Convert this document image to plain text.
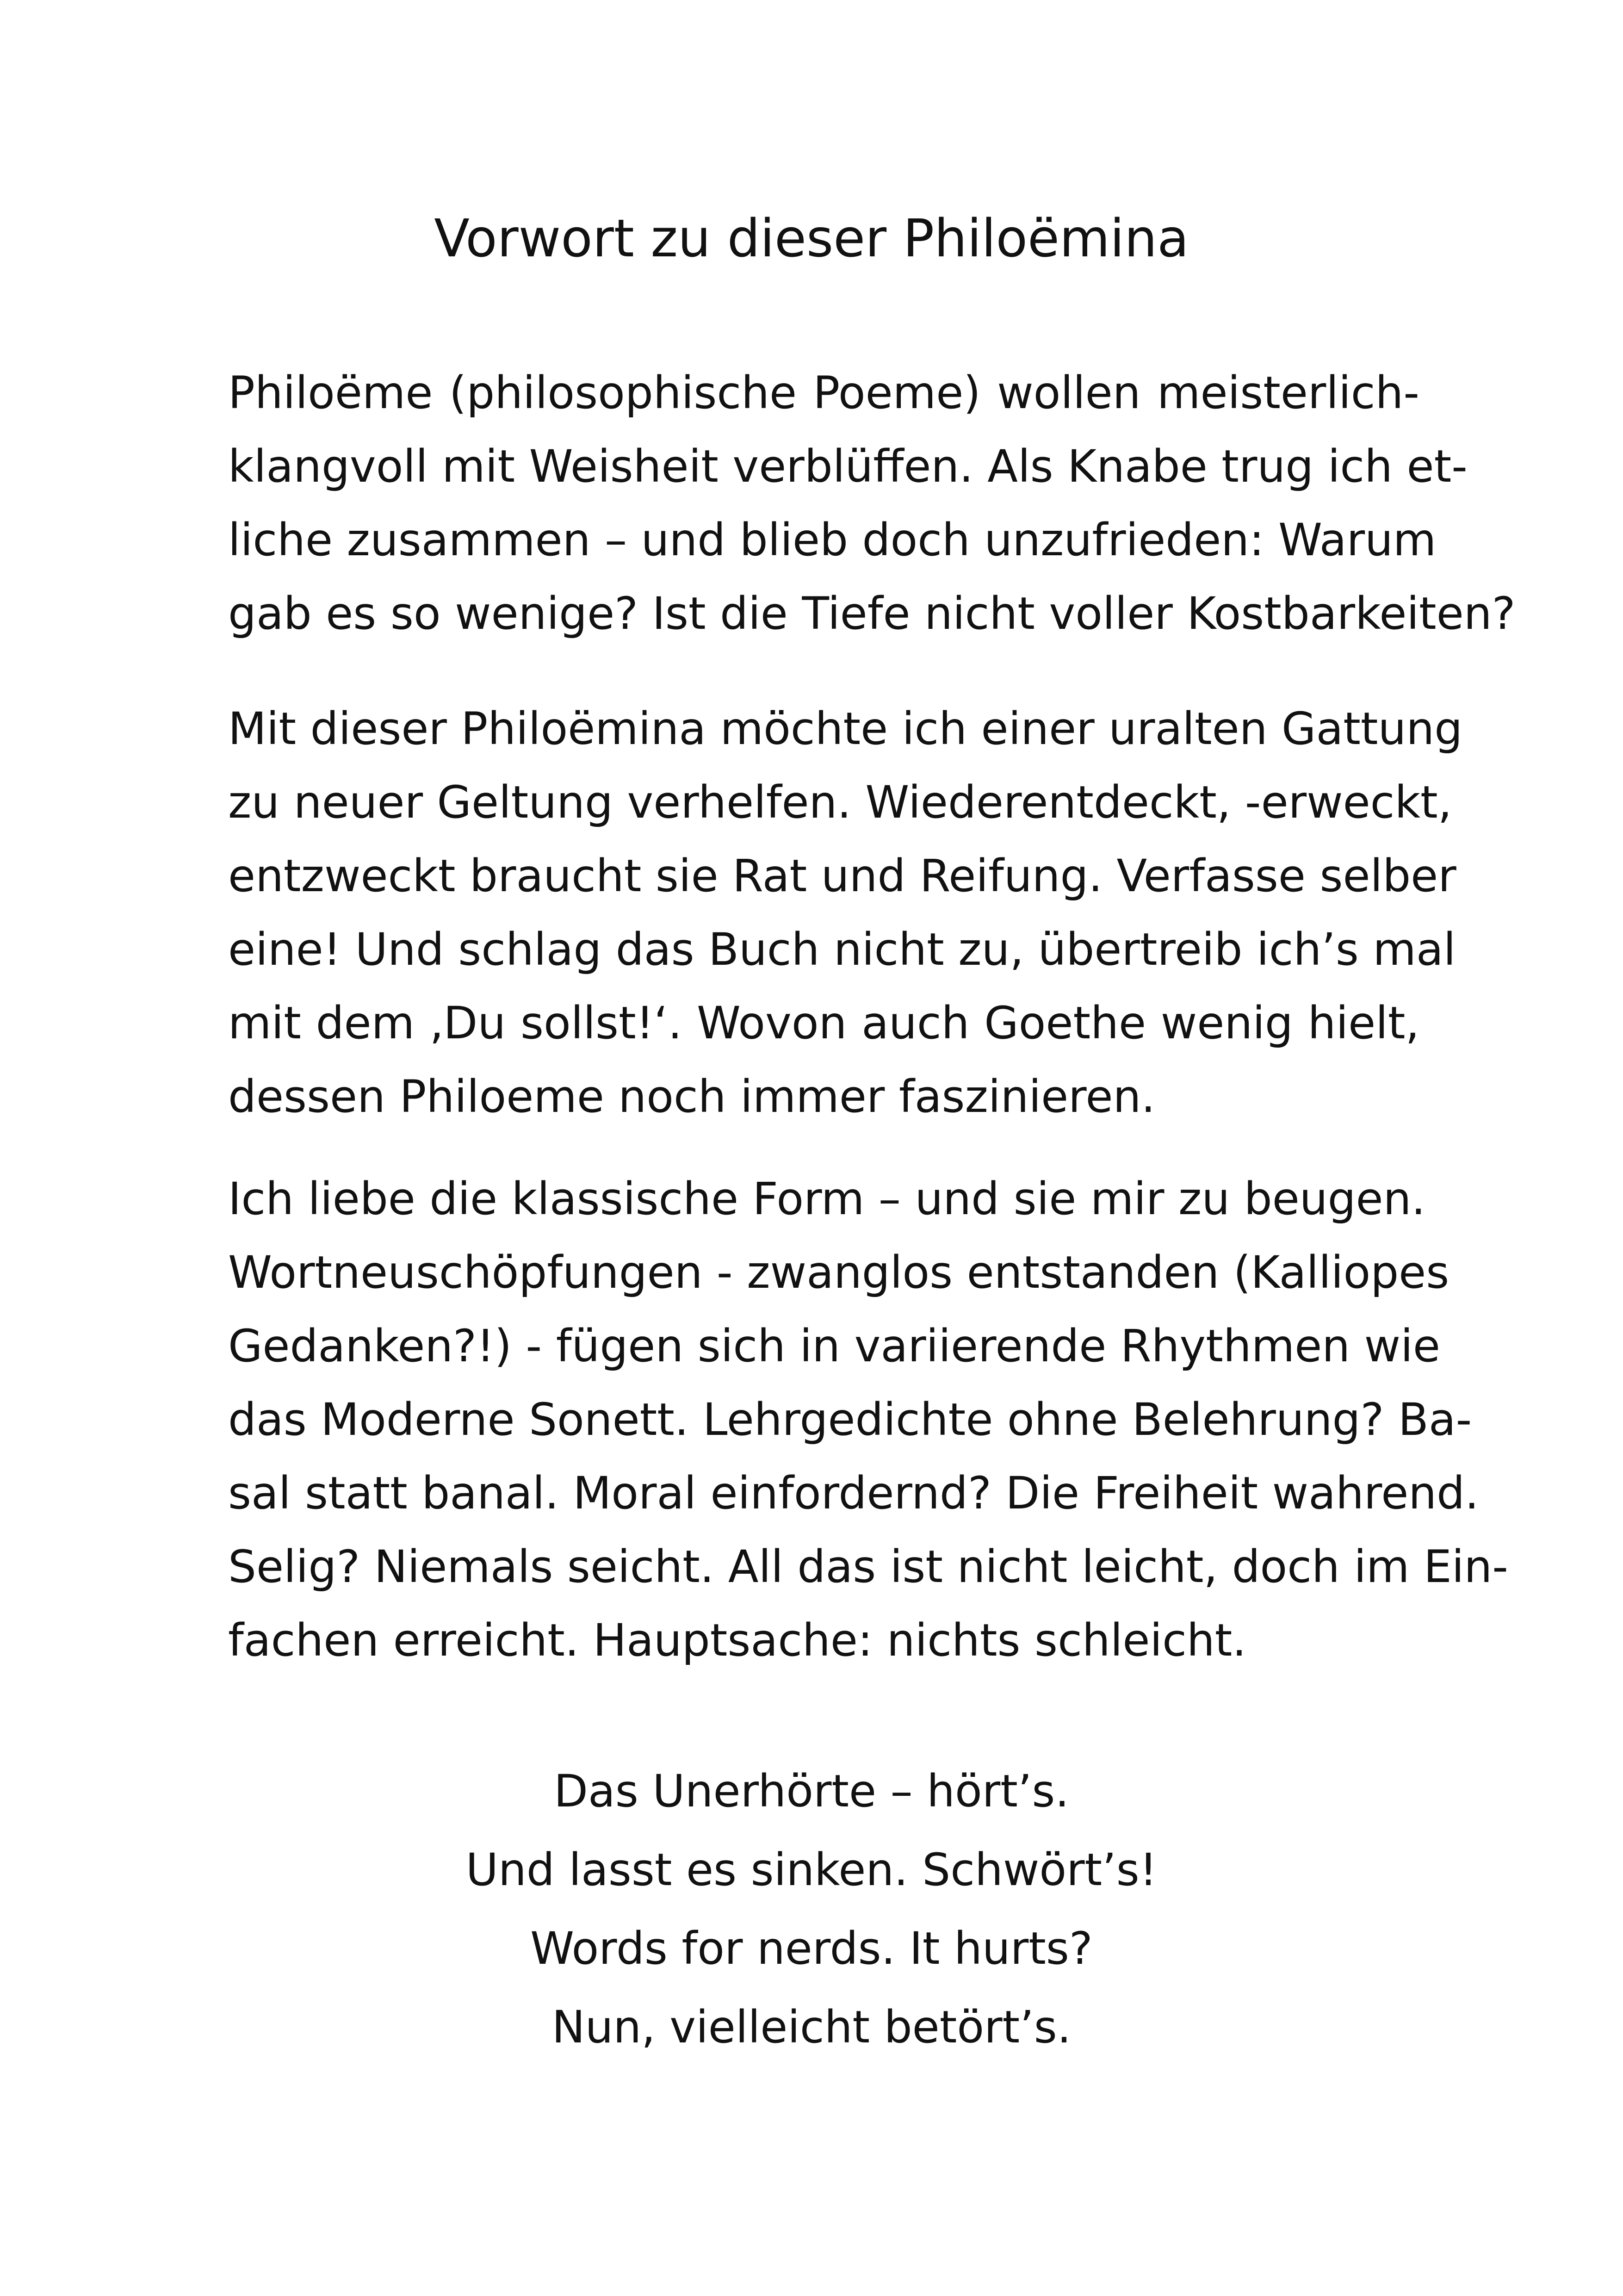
Vorwort zu dieser Philoëmina
Philoëme (philosophische Poeme) wollen meisterlich-
klangvoll mit Weisheit verblüffen. Als Knabe trug ich et-
liche zusammen – und blieb doch unzufrieden: Warum
gab es so wenige? Ist die Tiefe nicht voller Kostbarkeiten?
Mit dieser Philoëmina möchte ich einer uralten Gattung
zu neuer Geltung verhelfen. Wiederentdeckt, -erweckt,
entzweckt braucht sie Rat und Reifung. Verfasse selber
eine! Und schlag das Buch nicht zu, übertreib ich’s mal
mit dem ‚Du sollst!‘. Wovon auch Goethe wenig hielt,
dessen Philoeme noch immer faszinieren.
Ich liebe die klassische Form – und sie mir zu beugen.
Wortneuschöpfungen - zwanglos entstanden (Kalliopes
Gedanken?!) - fügen sich in variierende Rhythmen wie
das Moderne Sonett. Lehrgedichte ohne Belehrung? Ba-
sal statt banal. Moral einfordernd? Die Freiheit wahrend.
Selig? Niemals seicht. All das ist nicht leicht, doch im Ein-
fachen erreicht. Hauptsache: nichts schleicht.
Das Unerhörte – hört’s.
Und lasst es sinken. Schwört’s!
Words for nerds. It hurts?
Nun, vielleicht betört’s.
